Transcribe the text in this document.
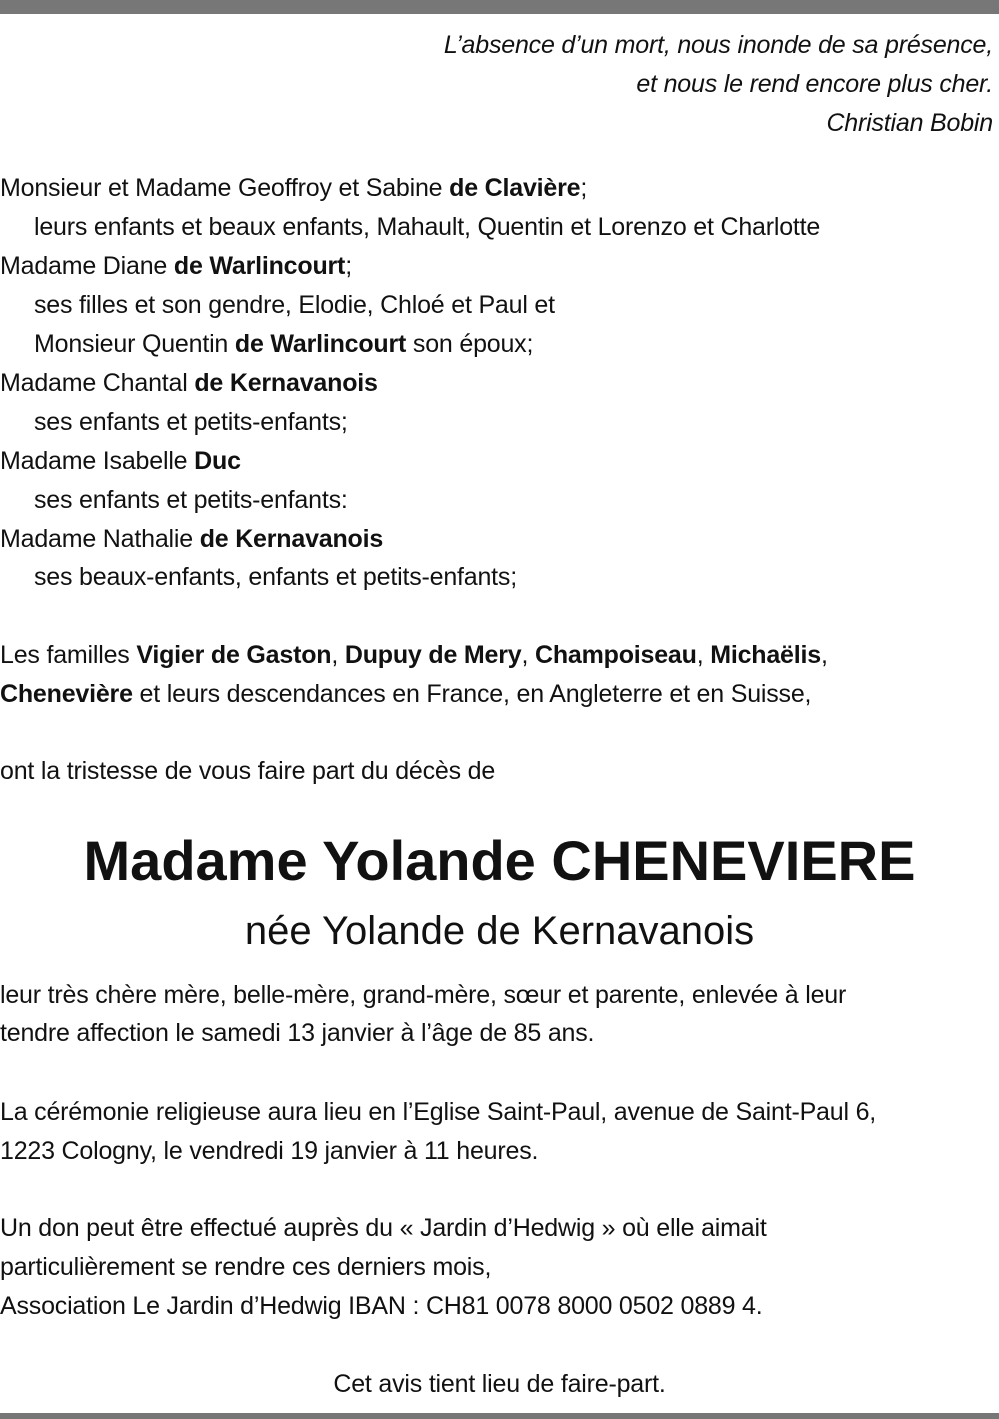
L’absence d’un mort, nous inonde de sa présence,
et nous le rend encore plus cher.
Christian Bobin
Monsieur et Madame Geoffroy et Sabine de Clavière;
leurs enfants et beaux enfants, Mahault, Quentin et Lorenzo et Charlotte
Madame Diane de Warlincourt;
ses filles et son gendre, Elodie, Chloé et Paul et
Monsieur Quentin de Warlincourt son époux;
Madame Chantal de Kernavanois
ses enfants et petits-enfants;
Madame Isabelle Duc
ses enfants et petits-enfants:
Madame Nathalie de Kernavanois
ses beaux-enfants, enfants et petits-enfants;
Les familles Vigier de Gaston, Dupuy de Mery, Champoiseau, Michaëlis,
Chenevière et leurs descendances en France, en Angleterre et en Suisse,
ont la tristesse de vous faire part du décès de
Madame Yolande CHENEVIERE
née Yolande de Kernavanois
leur très chère mère, belle-mère, grand-mère, sœur et parente, enlevée à leur
tendre affection le samedi 13 janvier à l’âge de 85 ans.
La cérémonie religieuse aura lieu en l’Eglise Saint-Paul, avenue de Saint-Paul 6,
1223 Cologny, le vendredi 19 janvier à 11 heures.
Un don peut être effectué auprès du « Jardin d’Hedwig » où elle aimait
particulièrement se rendre ces derniers mois,
Association Le Jardin d’Hedwig IBAN : CH81 0078 8000 0502 0889 4.
Cet avis tient lieu de faire-part.
